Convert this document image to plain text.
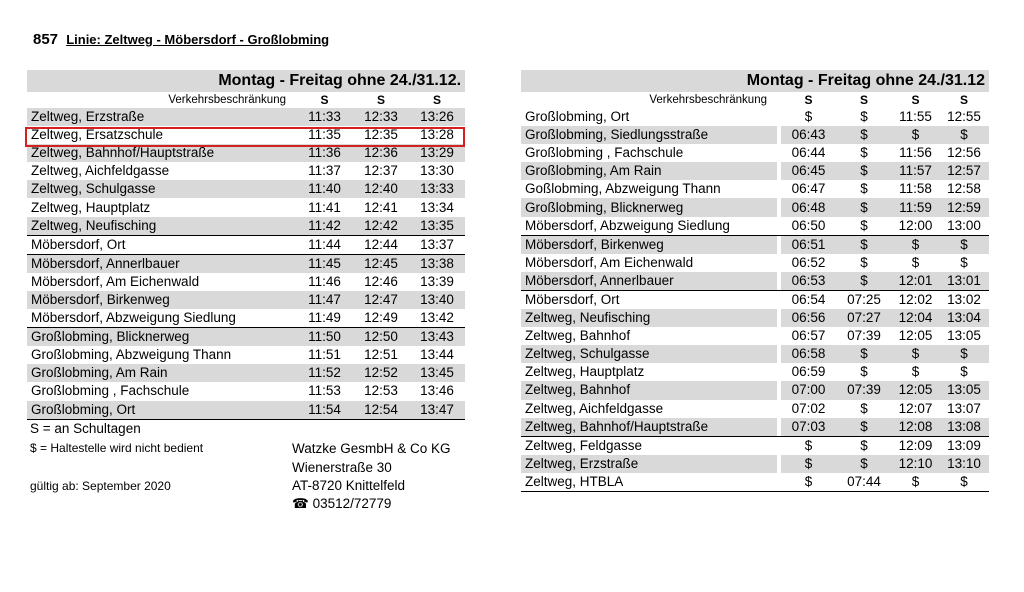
857 Linie: Zeltweg - Möbersdorf - Großlobming
Montag - Freitag ohne 24./31.12.			
Verkehrsbeschränkung	S	S	S
Zeltweg, Erzstraße	11:33	12:33	13:26
Zeltweg, Ersatzschule	11:35	12:35	13:28
Zeltweg, Bahnhof/Hauptstraße	11:36	12:36	13:29
Zeltweg, Aichfeldgasse	11:37	12:37	13:30
Zeltweg, Schulgasse	11:40	12:40	13:33
Zeltweg, Hauptplatz	11:41	12:41	13:34
Zeltweg, Neufisching	11:42	12:42	13:35
Möbersdorf, Ort	11:44	12:44	13:37
Möbersdorf, Annerlbauer	11:45	12:45	13:38
Möbersdorf, Am Eichenwald	11:46	12:46	13:39
Möbersdorf, Birkenweg	11:47	12:47	13:40
Möbersdorf, Abzweigung Siedlung	11:49	12:49	13:42
Großlobming, Blicknerweg	11:50	12:50	13:43
Großlobming, Abzweigung Thann	11:51	12:51	13:44
Großlobming, Am Rain	11:52	12:52	13:45
Großlobming , Fachschule	11:53	12:53	13:46
Großlobming, Ort	11:54	12:54	13:47
Montag - Freitag ohne 24./31.12					
Verkehrsbeschränkung		S	S	S	S
Großlobming, Ort		$	$	11:55	12:55
Großlobming, Siedlungsstraße		06:43	$	$	$
Großlobming , Fachschule		06:44	$	11:56	12:56
Großlobming, Am Rain		06:45	$	11:57	12:57
Goßlobming, Abzweigung Thann		06:47	$	11:58	12:58
Großlobming, Blicknerweg		06:48	$	11:59	12:59
Möbersdorf, Abzweigung Siedlung		06:50	$	12:00	13:00
Möbersdorf, Birkenweg		06:51	$	$	$
Möbersdorf, Am Eichenwald		06:52	$	$	$
Möbersdorf, Annerlbauer		06:53	$	12:01	13:01
Möbersdorf, Ort		06:54	07:25	12:02	13:02
Zeltweg, Neufisching		06:56	07:27	12:04	13:04
Zeltweg, Bahnhof		06:57	07:39	12:05	13:05
Zeltweg, Schulgasse		06:58	$	$	$
Zeltweg, Hauptplatz		06:59	$	$	$
Zeltweg, Bahnhof		07:00	07:39	12:05	13:05
Zeltweg, Aichfeldgasse		07:02	$	12:07	13:07
Zeltweg, Bahnhof/Hauptstraße		07:03	$	12:08	13:08
Zeltweg, Feldgasse		$	$	12:09	13:09
Zeltweg, Erzstraße		$	$	12:10	13:10
Zeltweg, HTBLA		$	07:44	$	$
S = an Schultagen
$ = Haltestelle wird nicht bedient
gültig ab: September 2020
Watzke GesmbH & Co KG
Wienerstraße 30
AT-8720 Knittelfeld
☎ 03512/72779
